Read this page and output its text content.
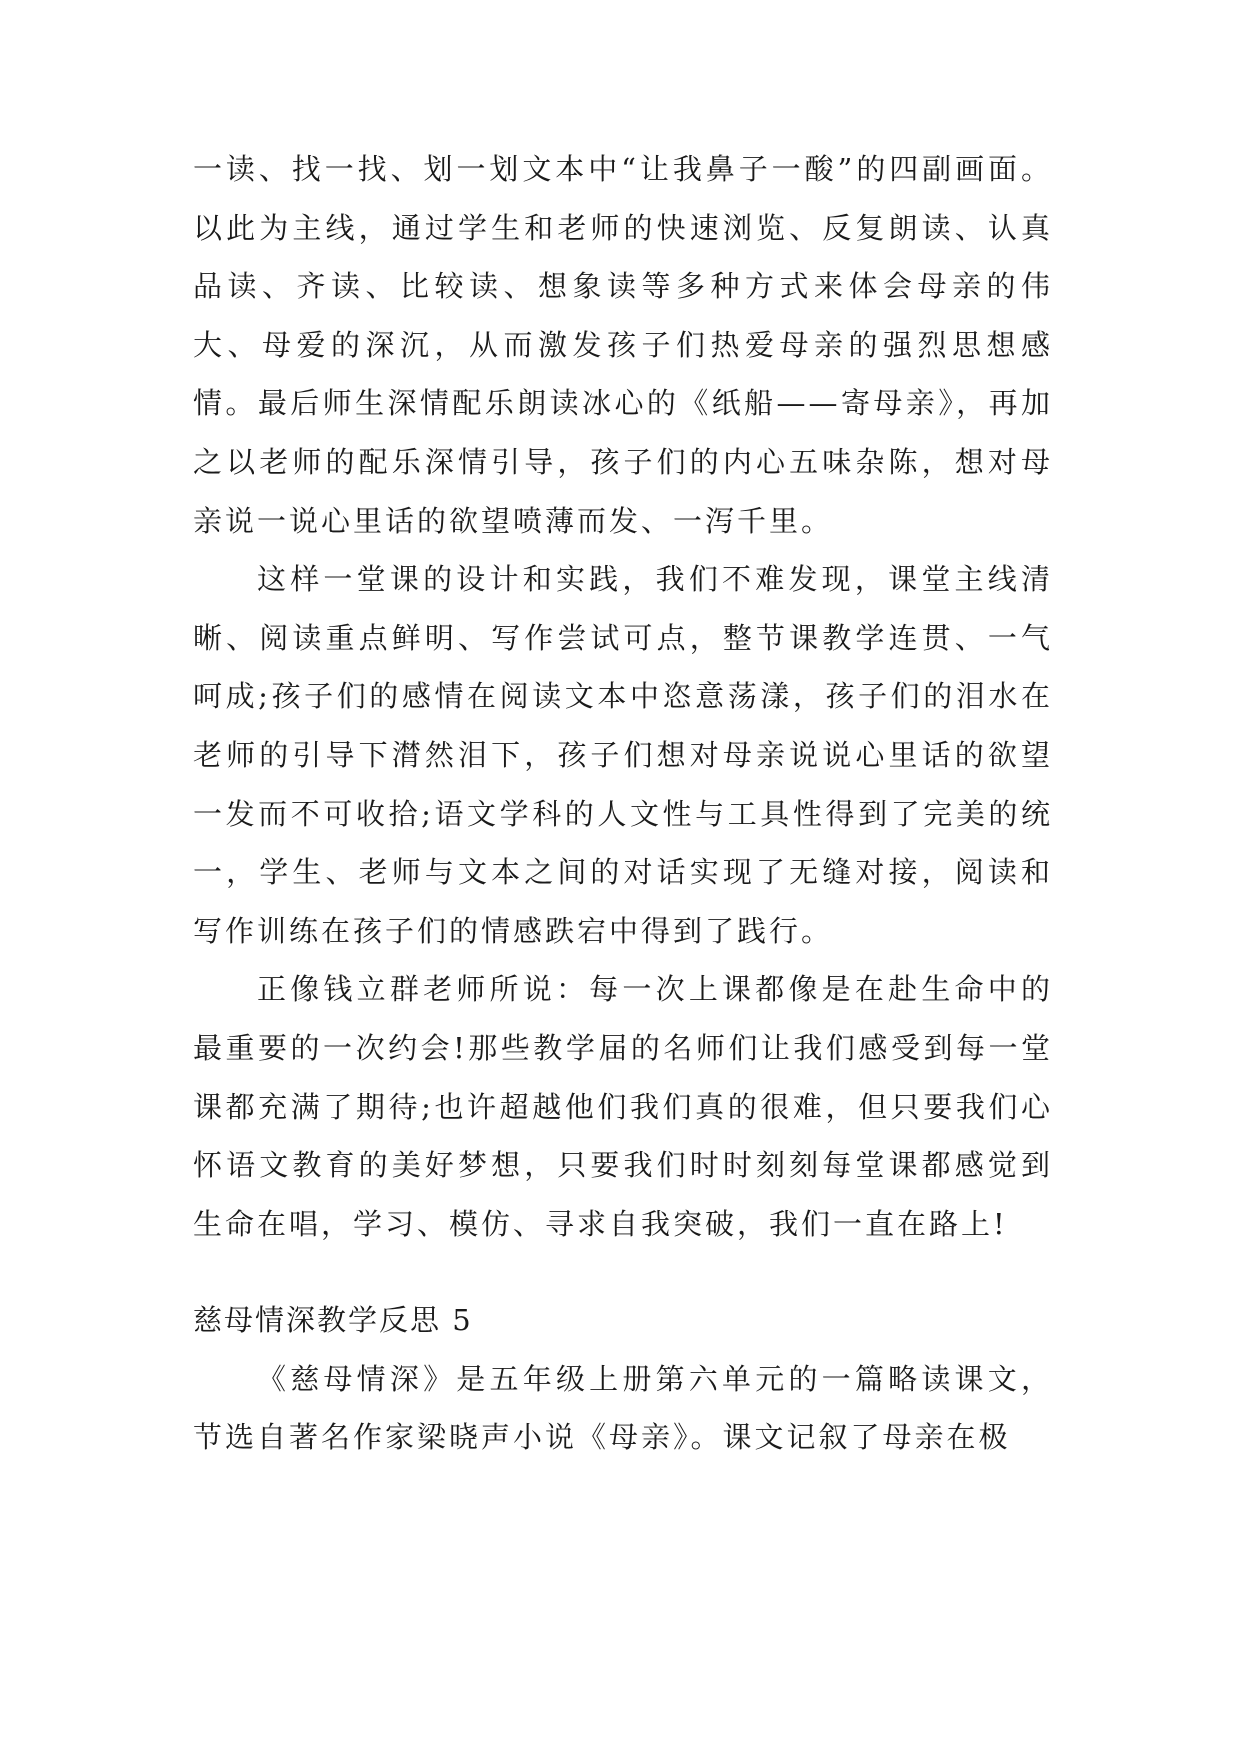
一读、找一找、划一划文本中“让我鼻子一酸”的四副画面。以此为主线，通过学生和老师的快速浏览、反复朗读、认真品读、齐读、比较读、想象读等多种方式来体会母亲的伟大、母爱的深沉，从而激发孩子们热爱母亲的强烈思想感情。最后师生深情配乐朗读冰心的《纸船——寄母亲》，再加之以老师的配乐深情引导，孩子们的内心五味杂陈，想对母亲说一说心里话的欲望喷薄而发、一泻千里。

这样一堂课的设计和实践，我们不难发现，课堂主线清晰、阅读重点鲜明、写作尝试可点，整节课教学连贯、一气呵成;孩子们的感情在阅读文本中恣意荡漾，孩子们的泪水在老师的引导下潸然泪下，孩子们想对母亲说说心里话的欲望一发而不可收拾;语文学科的人文性与工具性得到了完美的统一，学生、老师与文本之间的对话实现了无缝对接，阅读和写作训练在孩子们的情感跌宕中得到了践行。

正像钱立群老师所说：每一次上课都像是在赴生命中的最重要的一次约会!那些教学届的名师们让我们感受到每一堂课都充满了期待;也许超越他们我们真的很难，但只要我们心怀语文教育的美好梦想，只要我们时时刻刻每堂课都感觉到生命在唱，学习、模仿、寻求自我突破，我们一直在路上!

慈母情深教学反思 5

《慈母情深》是五年级上册第六单元的一篇略读课文，节选自著名作家梁晓声小说《母亲》。课文记叙了母亲在极
